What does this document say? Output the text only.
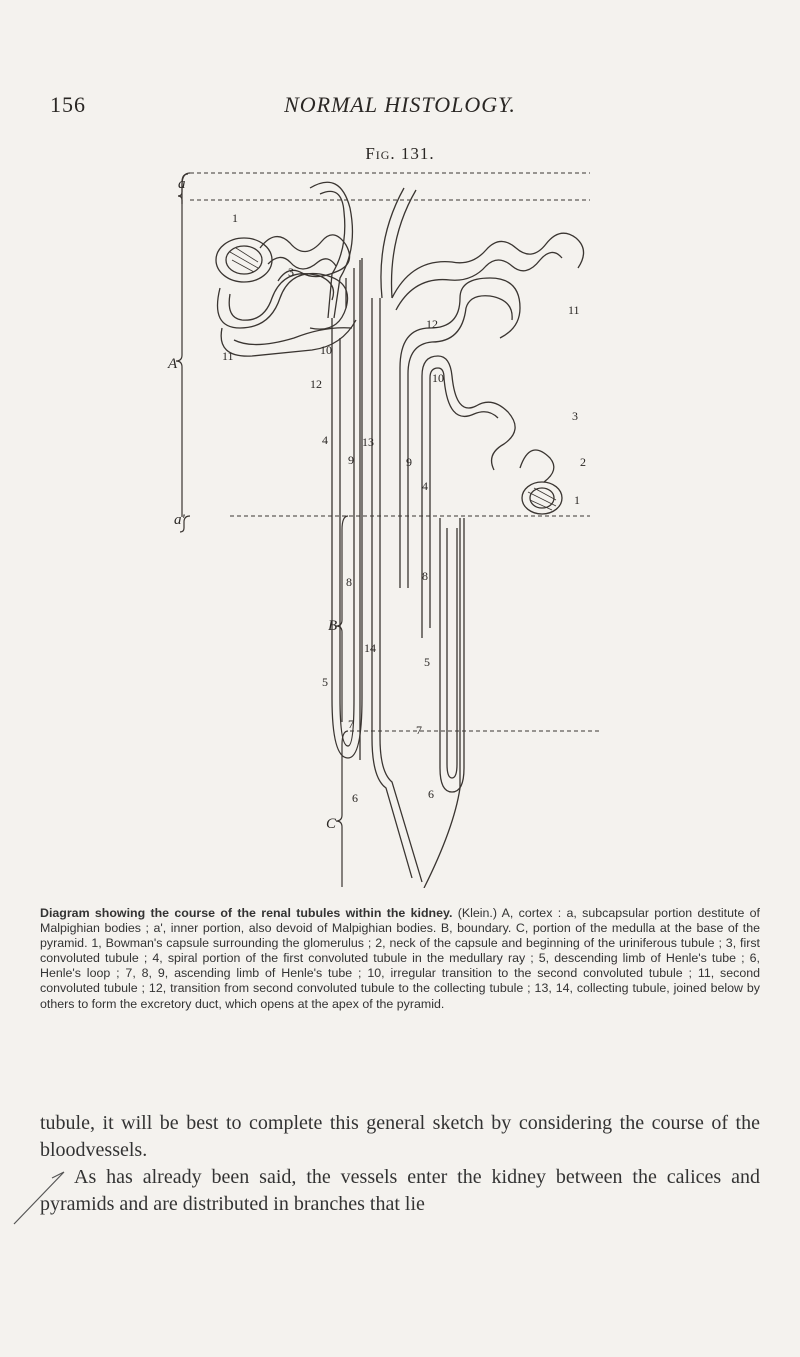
156	NORMAL HISTOLOGY.
Fig. 131.
a
A
a'
B
C
1
3
10
11
12
4
9
13
8
14
5
7
6
12
11
10
9
3
4
2
1
8
5
7
6
Diagram showing the course of the renal tubules within the kidney. (Klein.) A, cortex : a, subcapsular portion destitute of Malpighian bodies ; a', inner portion, also devoid of Malpighian bodies. B, boundary. C, portion of the medulla at the base of the pyramid. 1, Bowman's capsule surrounding the glomerulus ; 2, neck of the capsule and beginning of the uriniferous tubule ; 3, first convoluted tubule ; 4, spiral portion of the first convoluted tubule in the medullary ray ; 5, descending limb of Henle's tube ; 6, Henle's loop ; 7, 8, 9, ascending limb of Henle's tube ; 10, irregular transition to the second convoluted tubule ; 11, second convoluted tubule ; 12, transition from second convoluted tubule to the collecting tubule ; 13, 14, collecting tubule, joined below by others to form the excretory duct, which opens at the apex of the pyramid.

tubule, it will be best to complete this general sketch by considering the course of the bloodvessels.

As has already been said, the vessels enter the kidney between the calices and pyramids and are distributed in branches that lie
